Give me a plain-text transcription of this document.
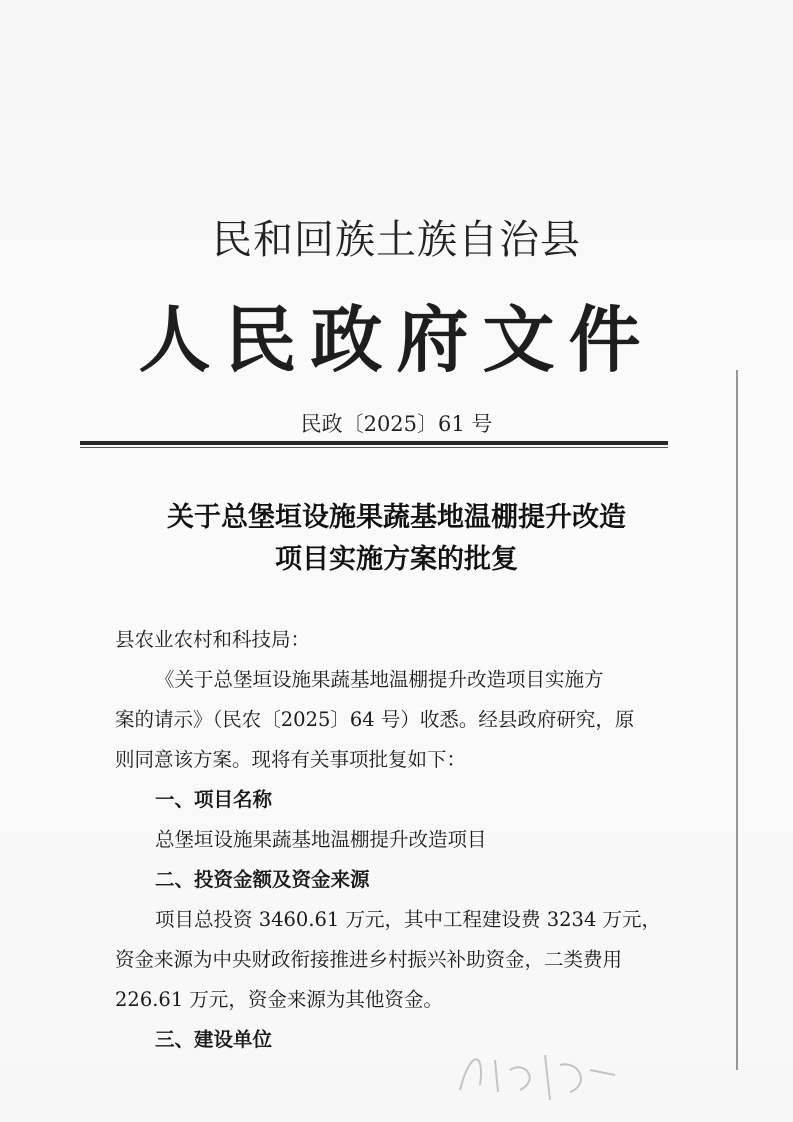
民和回族土族自治县
人民政府文件
民政〔2025〕61 号
关于总堡垣设施果蔬基地温棚提升改造
项目实施方案的批复

县农业农村和科技局：

《关于总堡垣设施果蔬基地温棚提升改造项目实施方

案的请示》（民农〔2025〕64 号）收悉。经县政府研究，原

则同意该方案。现将有关事项批复如下：

一、项目名称

总堡垣设施果蔬基地温棚提升改造项目

二、投资金额及资金来源

项目总投资 3460.61 万元，其中工程建设费 3234 万元，

资金来源为中央财政衔接推进乡村振兴补助资金，二类费用

226.61 万元，资金来源为其他资金。

三、建设单位
